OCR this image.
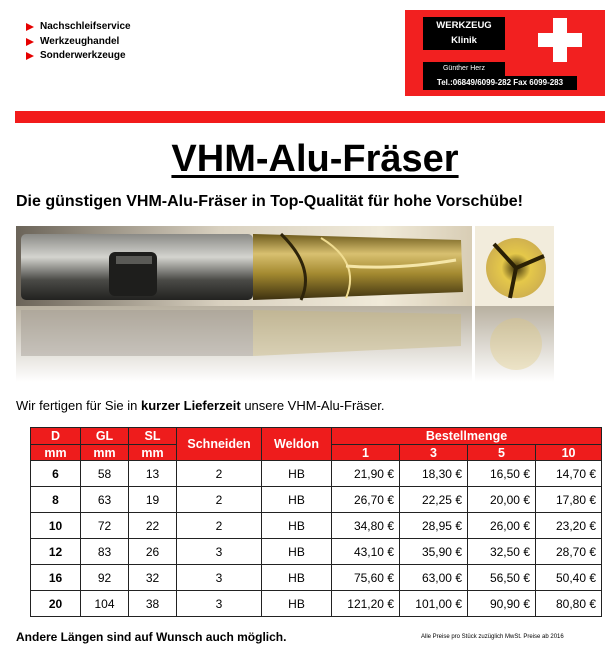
Nachschleifservice
Werkzeughandel
Sonderwerkzeuge
WERKZEUG
Klinik
Günther Herz
Tel.:06849/6099-282 Fax 6099-283
VHM-Alu-Fräser
Die günstigen VHM-Alu-Fräser in Top-Qualität für hohe Vorschübe!
Wir fertigen für Sie in kurzer Lieferzeit unsere VHM-Alu-Fräser.
D	GL	SL	Schneiden	Weldon	Bestellmenge			
mm	mm	mm			1	3	5	10
6	58	13	2	HB	21,90 €	18,30 €	16,50 €	14,70 €
8	63	19	2	HB	26,70 €	22,25 €	20,00 €	17,80 €
10	72	22	2	HB	34,80 €	28,95 €	26,00 €	23,20 €
12	83	26	3	HB	43,10 €	35,90 €	32,50 €	28,70 €
16	92	32	3	HB	75,60 €	63,00 €	56,50 €	50,40 €
20	104	38	3	HB	121,20 €	101,00 €	90,90 €	80,80 €
Andere Längen sind auf Wunsch auch möglich.	Alle Preise pro Stück zuzüglich MwSt. Preise ab 2016
